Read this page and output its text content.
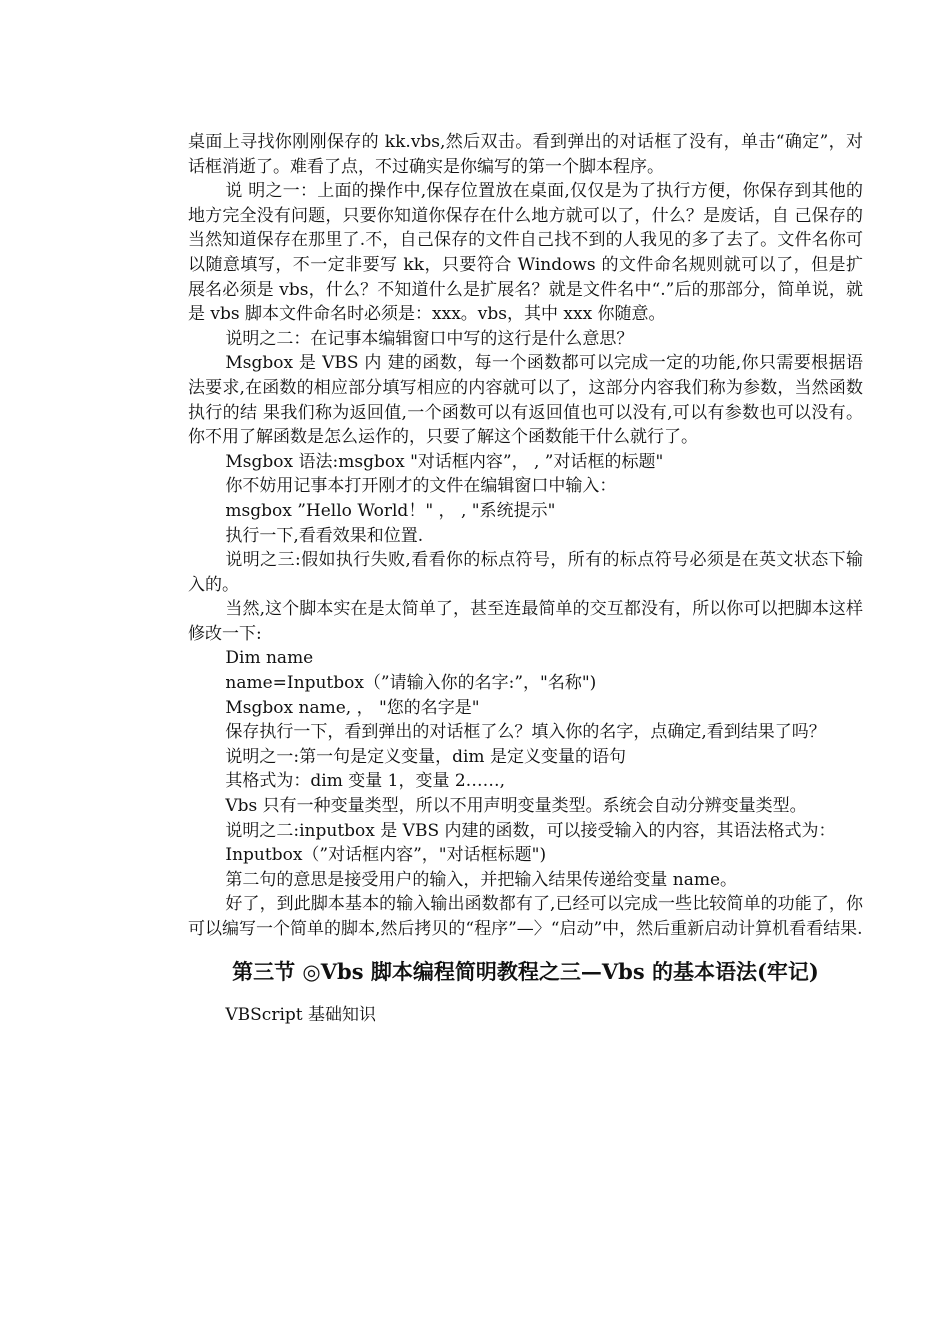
桌面上寻找你刚刚保存的 kk.vbs,然后双击。看到弹出的对话框了没有，单击“确定”，对话框消逝了。难看了点，不过确实是你编写的第一个脚本程序。

说 明之一：上面的操作中,保存位置放在桌面,仅仅是为了执行方便，你保存到其他的地方完全没有问题，只要你知道你保存在什么地方就可以了，什么？是废话，自 己保存的当然知道保存在那里了.不，自己保存的文件自己找不到的人我见的多了去了。文件名你可以随意填写，不一定非要写 kk，只要符合 Windows 的文件命名规则就可以了，但是扩展名必须是 vbs，什么？不知道什么是扩展名？就是文件名中“.”后的那部分，简单说，就是 vbs 脚本文件命名时必须是：xxx。vbs，其中 xxx 你随意。

说明之二：在记事本编辑窗口中写的这行是什么意思？

Msgbox 是 VBS 内 建的函数，每一个函数都可以完成一定的功能,你只需要根据语法要求,在函数的相应部分填写相应的内容就可以了，这部分内容我们称为参数，当然函数执行的结 果我们称为返回值,一个函数可以有返回值也可以没有,可以有参数也可以没有。你不用了解函数是怎么运作的，只要了解这个函数能干什么就行了。

Msgbox 语法:msgbox "对话框内容”， , ”对话框的标题"

你不妨用记事本打开刚才的文件在编辑窗口中输入：

msgbox ”Hello World！" ， , "系统提示"

执行一下,看看效果和位置.

说明之三:假如执行失败,看看你的标点符号，所有的标点符号必须是在英文状态下输入的。

当然,这个脚本实在是太简单了，甚至连最简单的交互都没有，所以你可以把脚本这样修改一下:

Dim name

name=Inputbox（”请输入你的名字:”，"名称")

Msgbox name, ， "您的名字是"

保存执行一下，看到弹出的对话框了么？填入你的名字，点确定,看到结果了吗？

说明之一:第一句是定义变量，dim 是定义变量的语句

其格式为：dim 变量 1，变量 2……,

Vbs 只有一种变量类型，所以不用声明变量类型。系统会自动分辨变量类型。

说明之二:inputbox 是 VBS 内建的函数，可以接受输入的内容，其语法格式为：

Inputbox（”对话框内容”，"对话框标题")

第二句的意思是接受用户的输入，并把输入结果传递给变量 name。

好了，到此脚本基本的输入输出函数都有了,已经可以完成一些比较简单的功能了，你可以编写一个简单的脚本,然后拷贝的“程序”—〉“启动”中，然后重新启动计算机看看结果.

第三节 ◎Vbs 脚本编程简明教程之三—Vbs 的基本语法(牢记)

VBScript 基础知识
